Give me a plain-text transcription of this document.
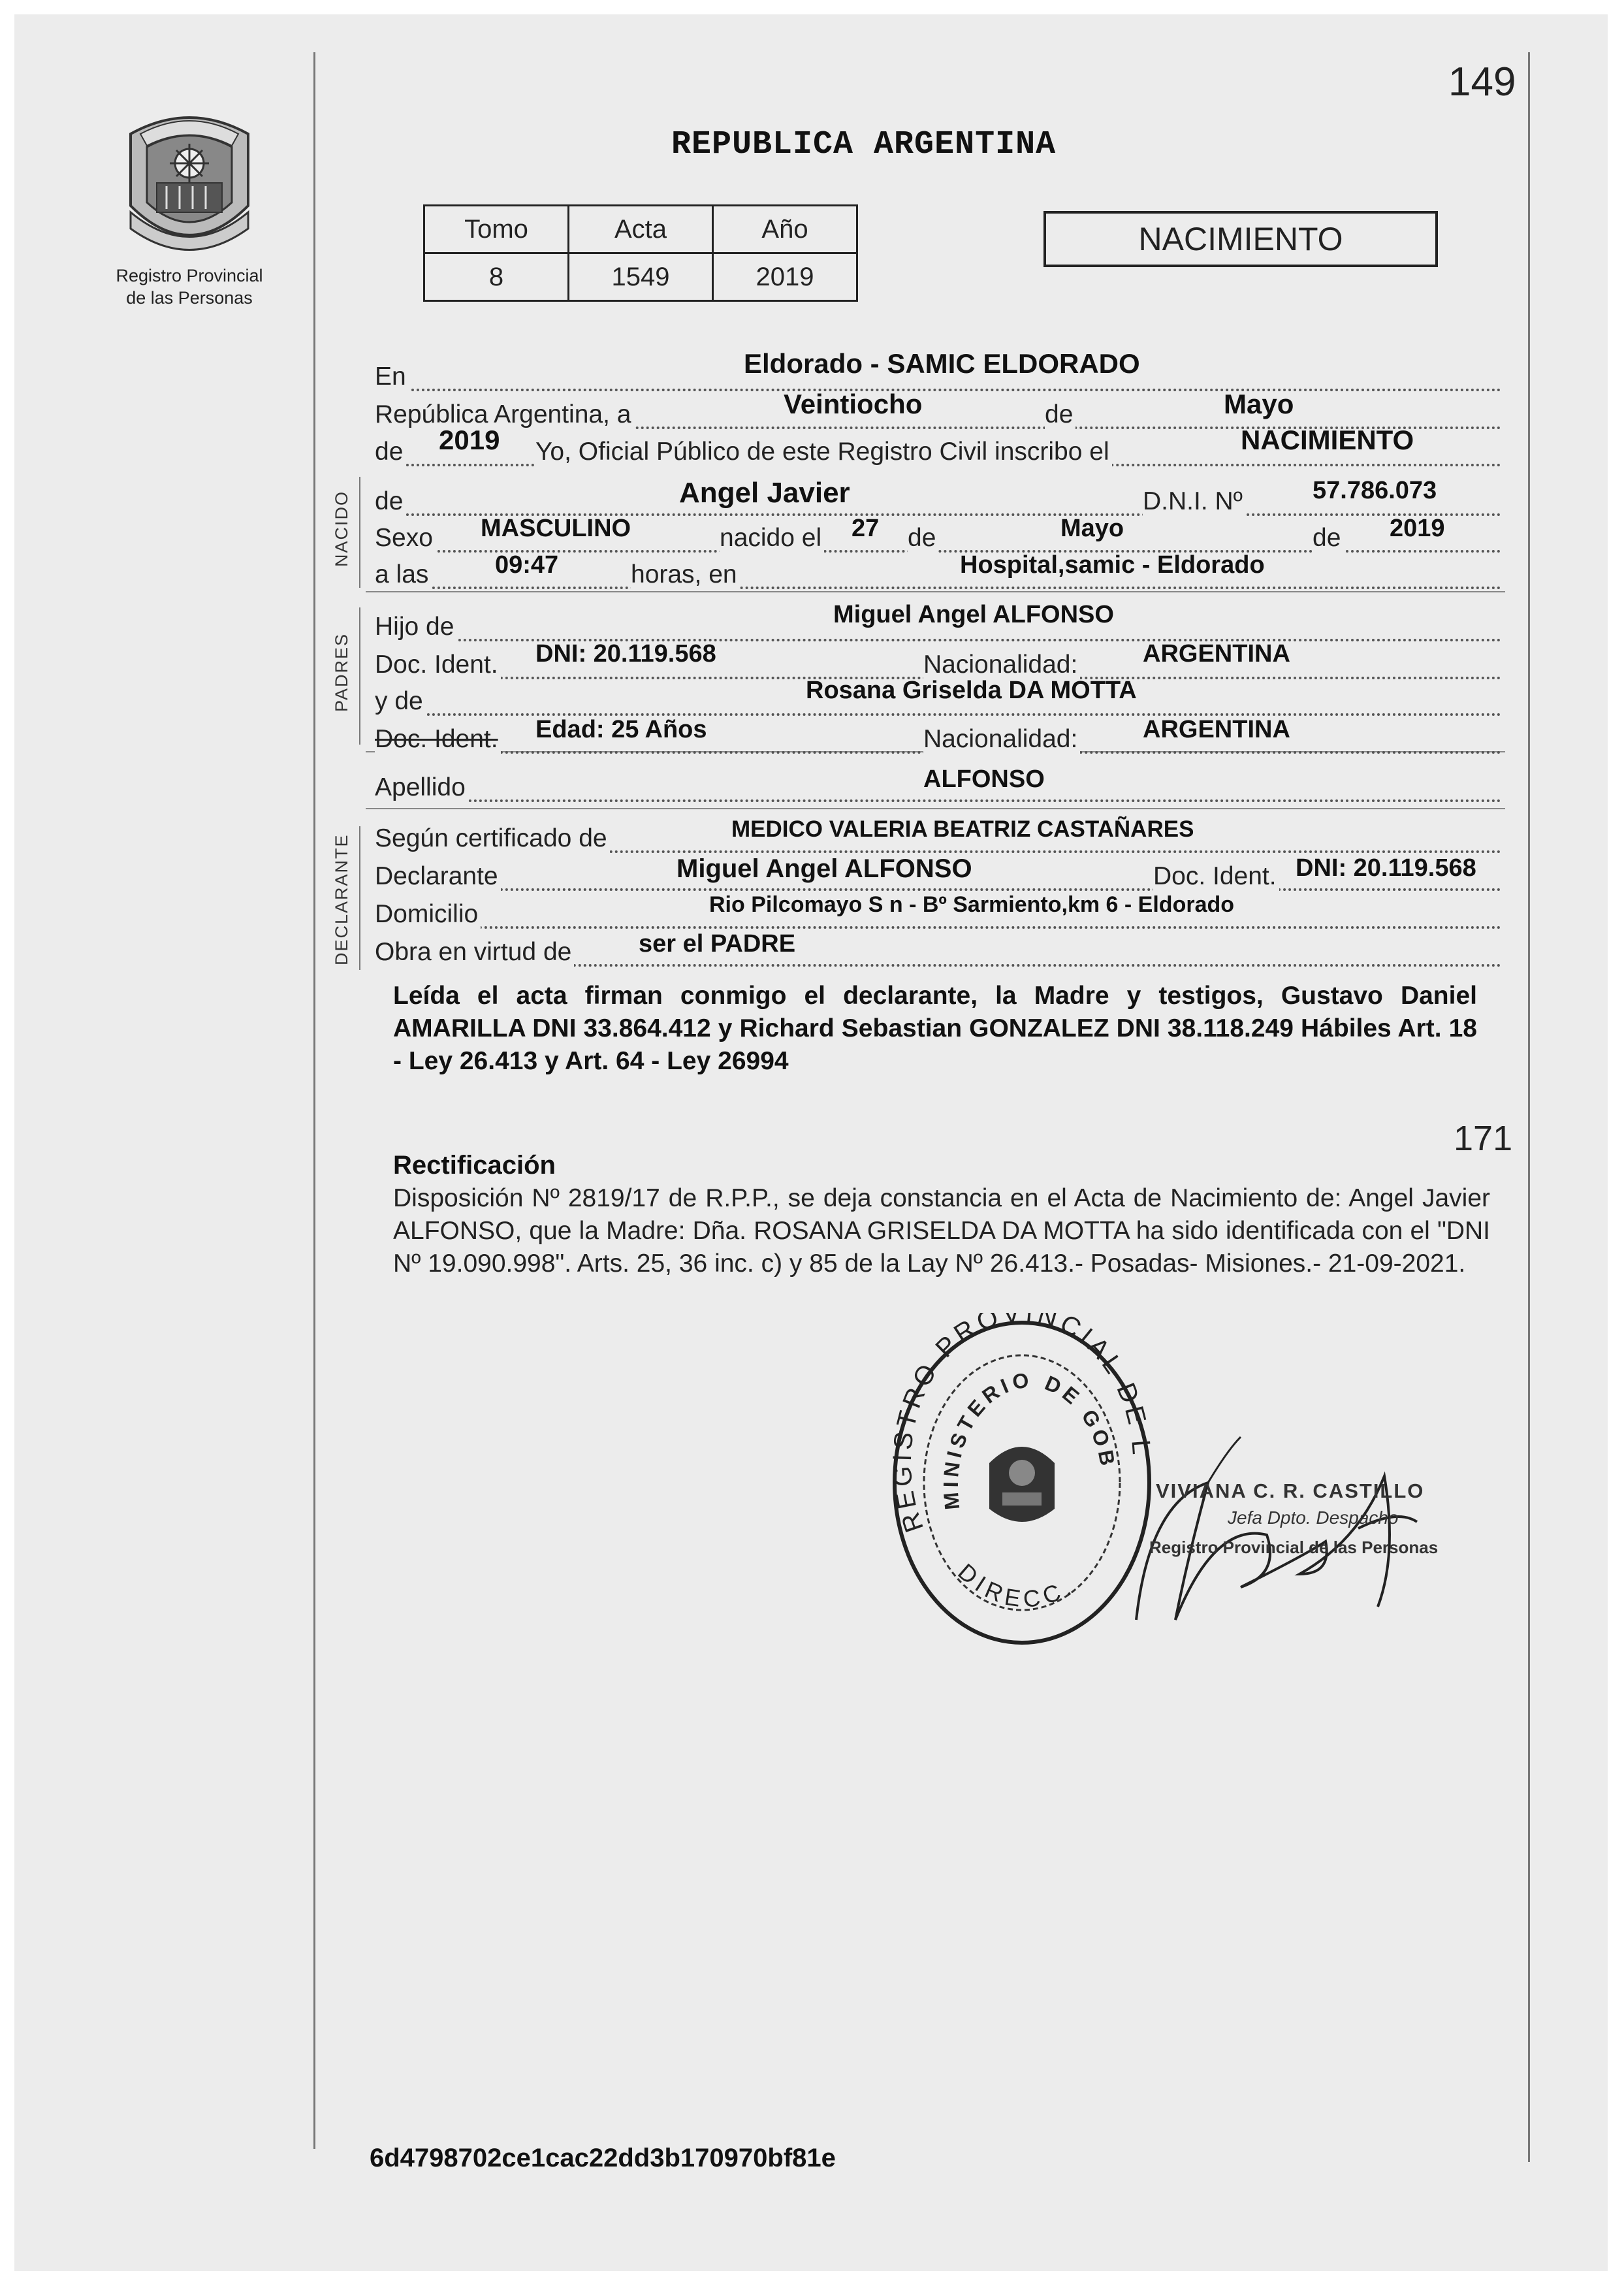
149
Registro Provincial
de las Personas
REPUBLICA ARGENTINA
Tomo	Acta	Año
8	1549	2019
NACIMIENTO
NACIDO
PADRES
DECLARANTE
En	Eldorado - SAMIC ELDORADO
República Argentina, a	Veintiocho	de	Mayo
de 2019 Yo, Oficial Público de este Registro Civil inscribo el	NACIMIENTO
de	Angel Javier	D.N.I. Nº	57.786.073
Sexo MASCULINO	nacido el 27 de	Mayo	de 2019
a las	09:47	horas, en	Hospital,samic - Eldorado
Hijo de	Miguel Angel ALFONSO
Doc. Ident. DNI: 20.119.568	Nacionalidad:	ARGENTINA
y de	Rosana Griselda DA MOTTA
Doc. Ident. Edad: 25 Años	Nacionalidad:	ARGENTINA
Apellido	ALFONSO
Según certificado de	MEDICO VALERIA BEATRIZ CASTAÑARES
Declarante	Miguel Angel ALFONSO	Doc. Ident. DNI: 20.119.568
Domicilio	Rio Pilcomayo S n - Bº Sarmiento,km 6 - Eldorado
Obra en virtud de	ser el PADRE
Leída el acta firman conmigo el declarante, la Madre y testigos, Gustavo Daniel AMARILLA DNI 33.864.412 y Richard Sebastian GONZALEZ DNI 38.118.249 Hábiles Art. 18 - Ley 26.413 y Art. 64 - Ley 26994
171
Rectificación
Disposición Nº 2819/17 de R.P.P., se deja constancia en el Acta de Nacimiento de: Angel Javier ALFONSO, que la Madre: Dña. ROSANA GRISELDA DA MOTTA ha sido identificada con el "DNI Nº 19.090.998". Arts. 25, 36 inc. c) y 85 de la Lay Nº 26.413.- Posadas- Misiones.- 21-09-2021.
REGISTRO PROVINCIAL DE L
MINISTERIO DE GOB
DIRECC.
VIVIANA C. R. CASTILLO
Jefa Dpto. Despacho
Registro Provincial de las Personas
6d4798702ce1cac22dd3b170970bf81e
